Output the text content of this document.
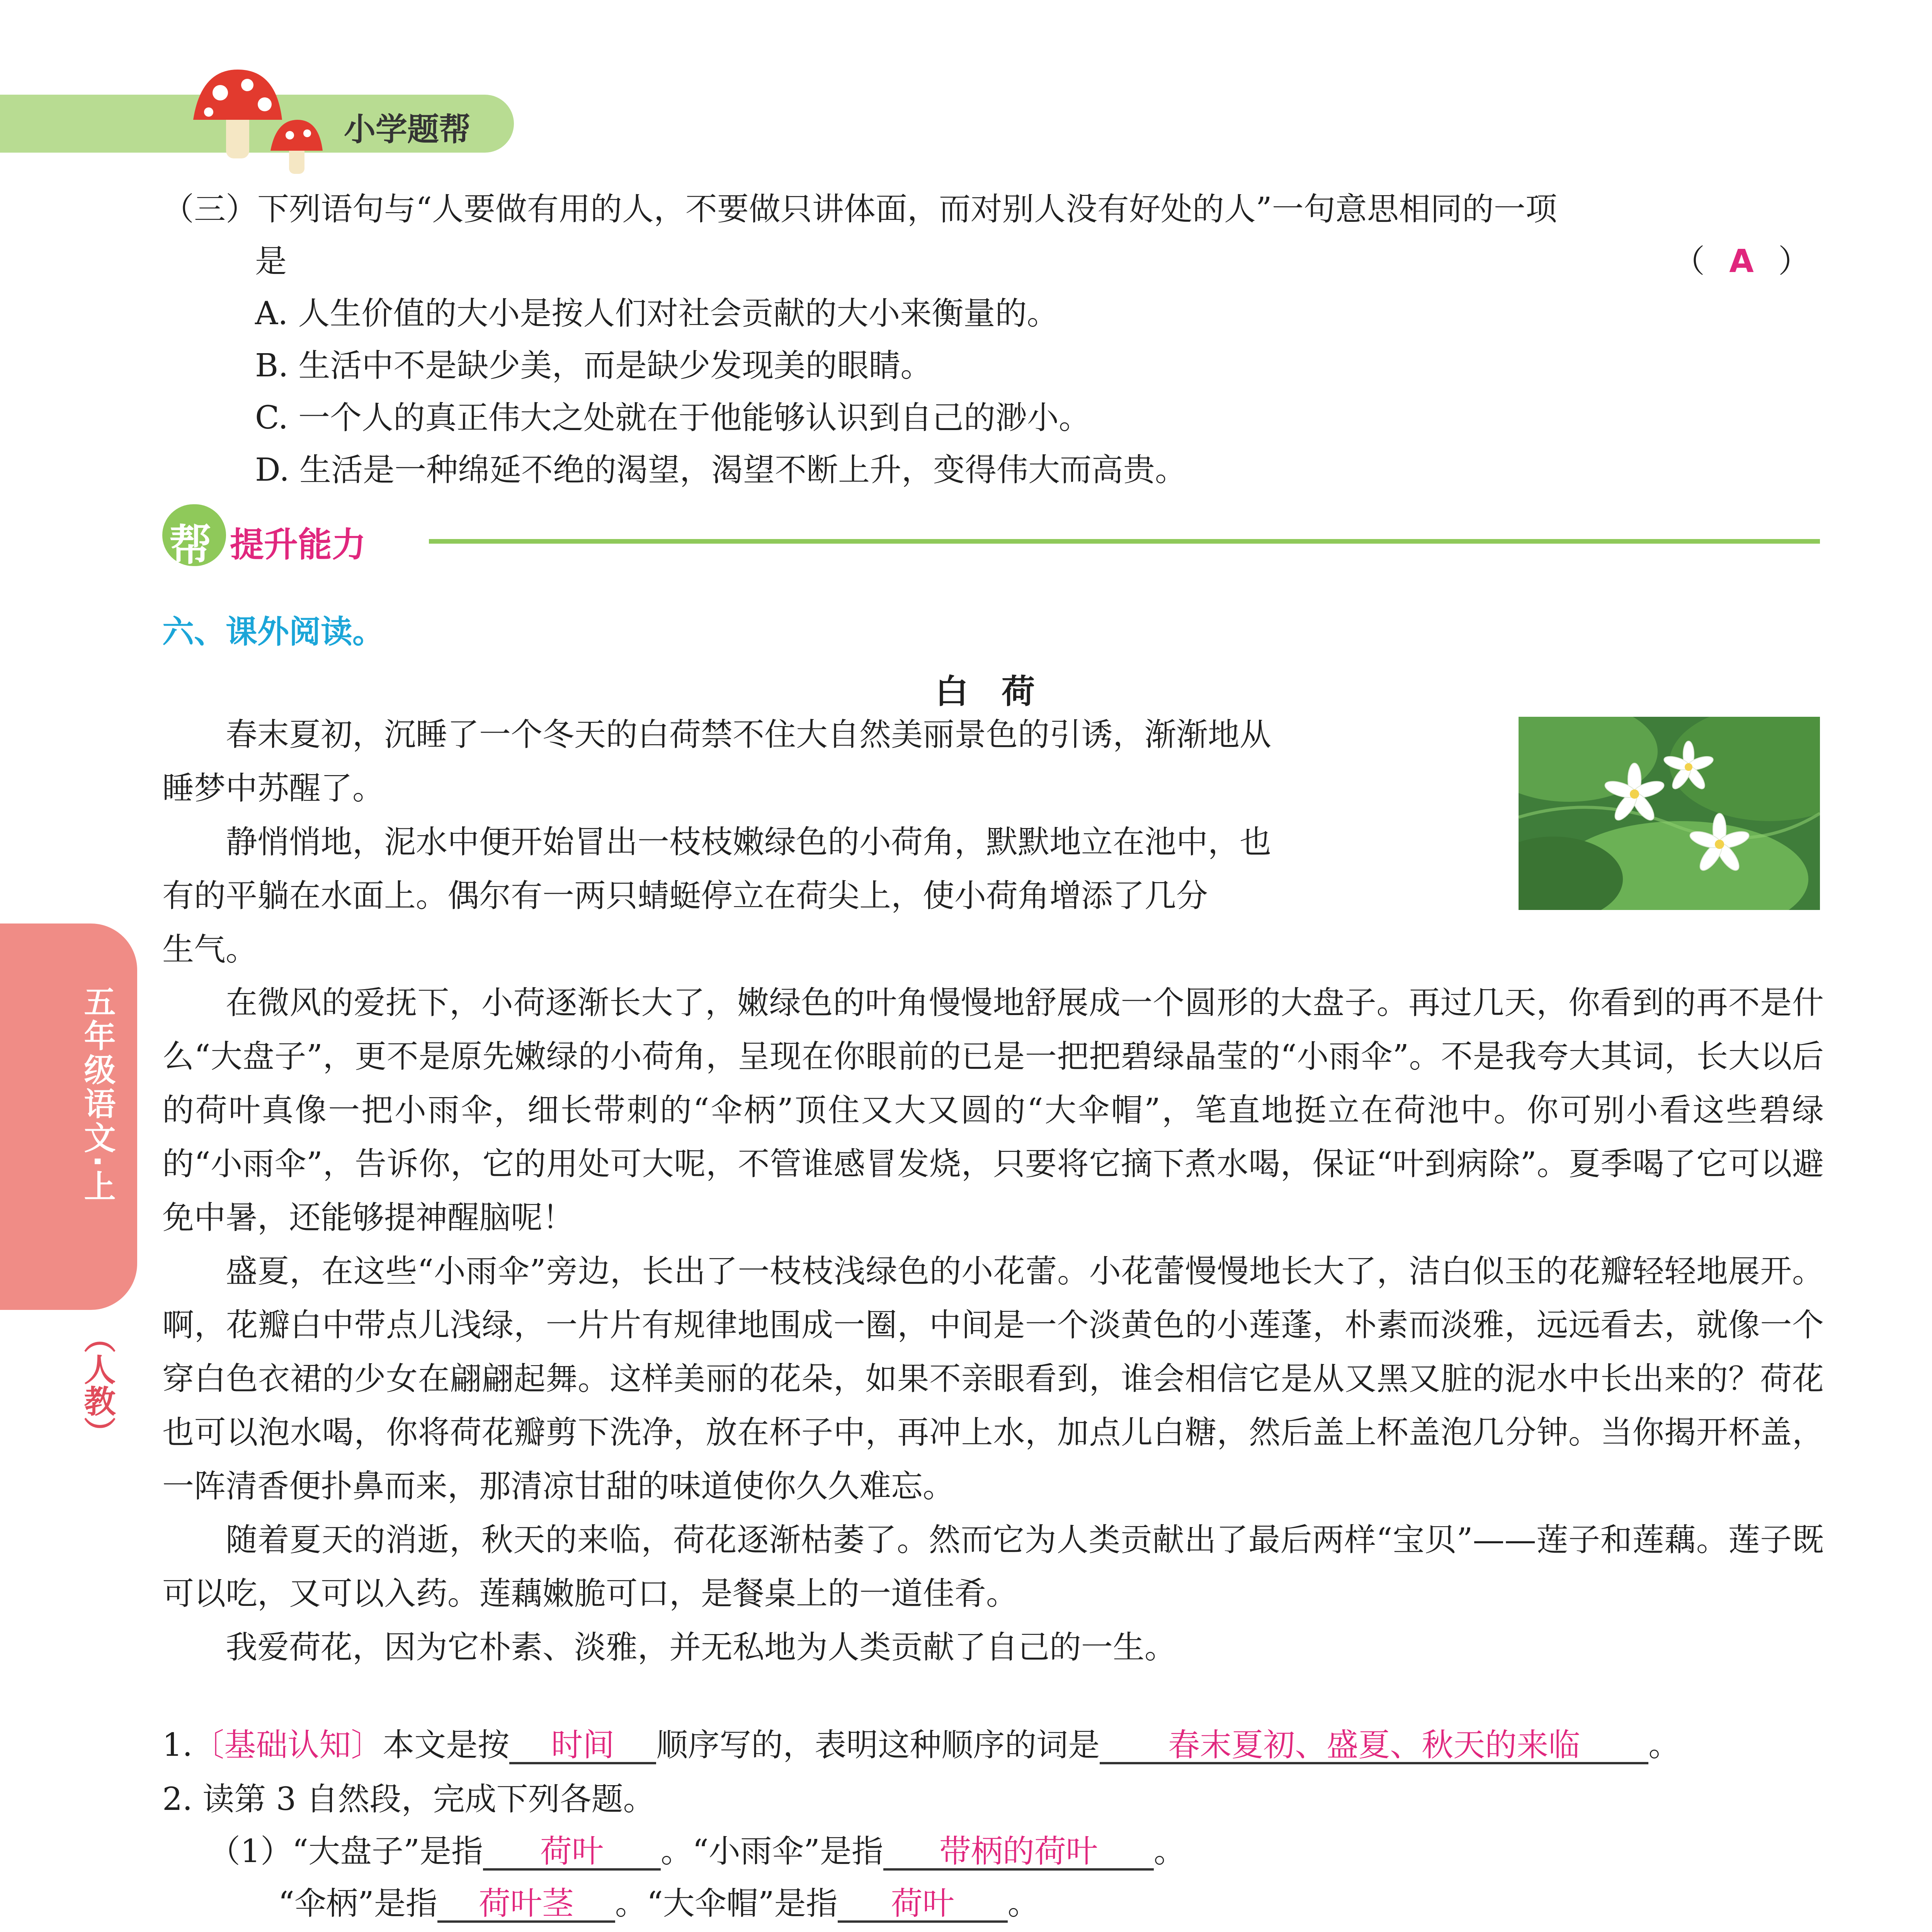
小学题帮
（三）下列语句与“人要做有用的人，不要做只讲体面，而对别人没有好处的人”一句意思相同的一项
是	（ A ）
A. 人生价值的大小是按人们对社会贡献的大小来衡量的。
B. 生活中不是缺少美，而是缺少发现美的眼睛。
C. 一个人的真正伟大之处就在于他能够认识到自己的渺小。
D. 生活是一种绵延不绝的渴望，渴望不断上升，变得伟大而高贵。
帮 提升能力
五年级语文·上
（人教）
六、课外阅读。
白　荷
春末夏初，沉睡了一个冬天的白荷禁不住大自然美丽景色的引诱，渐渐地从
睡梦中苏醒了。
静悄悄地，泥水中便开始冒出一枝枝嫩绿色的小荷角，默默地立在池中，也
有的平躺在水面上。偶尔有一两只蜻蜓停立在荷尖上，使小荷角增添了几分
生气。

在微风的爱抚下，小荷逐渐长大了，嫩绿色的叶角慢慢地舒展成一个圆形的大盘子。再过几天，你看到的再不是什么“大盘子”，更不是原先嫩绿的小荷角，呈现在你眼前的已是一把把碧绿晶莹的“小雨伞”。不是我夸大其词，长大以后的荷叶真像一把小雨伞，细长带刺的“伞柄”顶住又大又圆的“大伞帽”，笔直地挺立在荷池中。你可别小看这些碧绿的“小雨伞”，告诉你，它的用处可大呢，不管谁感冒发烧，只要将它摘下煮水喝，保证“叶到病除”。夏季喝了它可以避免中暑，还能够提神醒脑呢！

盛夏，在这些“小雨伞”旁边，长出了一枝枝浅绿色的小花蕾。小花蕾慢慢地长大了，洁白似玉的花瓣轻轻地展开。啊，花瓣白中带点儿浅绿，一片片有规律地围成一圈，中间是一个淡黄色的小莲蓬，朴素而淡雅，远远看去，就像一个穿白色衣裙的少女在翩翩起舞。这样美丽的花朵，如果不亲眼看到，谁会相信它是从又黑又脏的泥水中长出来的？荷花也可以泡水喝，你将荷花瓣剪下洗净，放在杯子中，再冲上水，加点儿白糖，然后盖上杯盖泡几分钟。当你揭开杯盖，一阵清香便扑鼻而来，那清凉甘甜的味道使你久久难忘。

随着夏天的消逝，秋天的来临，荷花逐渐枯萎了。然而它为人类贡献出了最后两样“宝贝”——莲子和莲藕。莲子既可以吃，又可以入药。莲藕嫩脆可口，是餐桌上的一道佳肴。

我爱荷花，因为它朴素、淡雅，并无私地为人类贡献了自己的一生。

1.〔基础认知〕本文是按 时间 顺序写的，表明这种顺序的词是 春末夏初、盛夏、秋天的来临 。
2. 读第 3 自然段，完成下列各题。
（1）“大盘子”是指 荷叶 。“小雨伞”是指 带柄的荷叶 。
“伞柄”是指 荷叶茎 。“大伞帽”是指 荷叶 。
